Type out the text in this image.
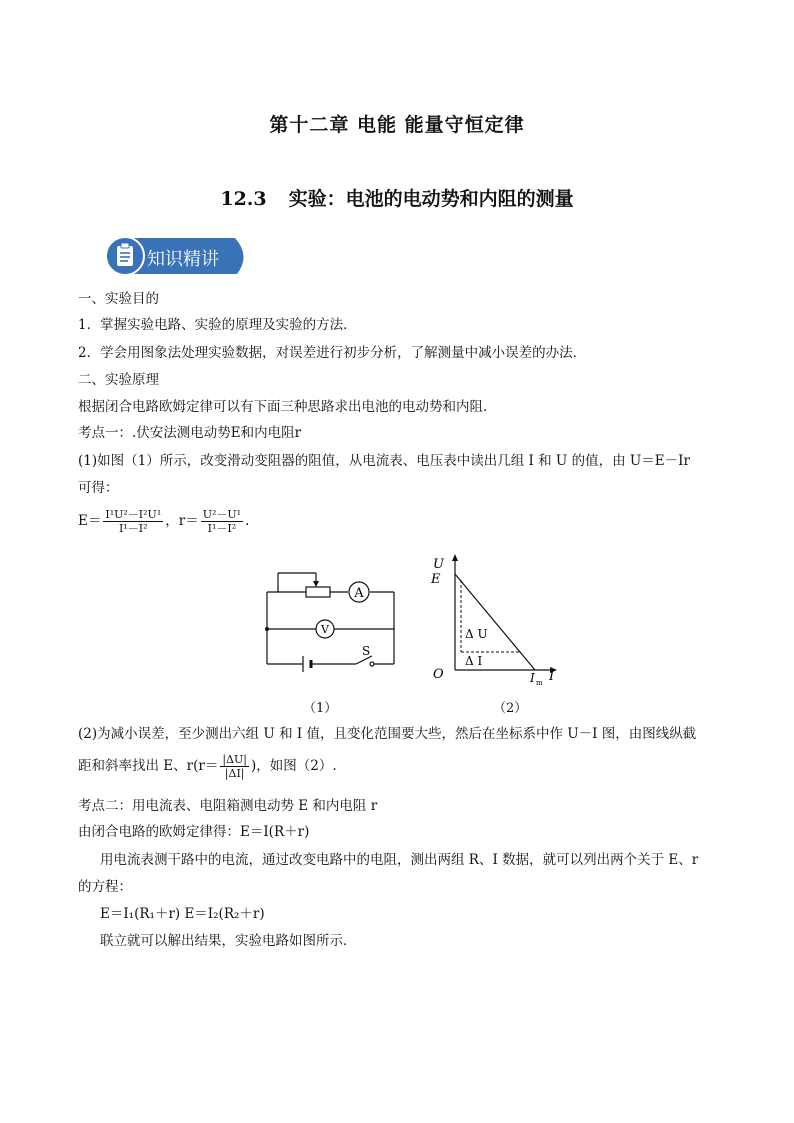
第十二章 电能 能量守恒定律
12.3 实验：电池的电动势和内阻的测量
知识精讲
一、实验目的
1．掌握实验电路、实验的原理及实验的方法．
2．学会用图象法处理实验数据，对误差进行初步分析，了解测量中减小误差的办法．
二、实验原理
根据闭合电路欧姆定律可以有下面三种思路求出电池的电动势和内阻．
考点一：.伏安法测电动势E和内电阻r
(1)如图（1）所示，改变滑动变阻器的阻值，从电流表、电压表中读出几组 I 和 U 的值，由 U＝E－Ir
可得：
$E= \frac{\text{I¹U²－I²U¹}}{\text{I¹－I²}}$ ，$r= \frac{\text{U²－U¹}}{\text{I¹－I²}}$ .
A
V
S
（1）
U
E
O	I
I m
Δ U
Δ I
（2）
(2)为减小误差，至少测出六组 U 和 I 值，且变化范围要大些，然后在坐标系中作 U－I 图，由图线纵截
距和斜率找出 E、$r(r= \frac{|\Delta U|}{|\Delta I|}$ )，如图（2）.
考点二：用电流表、电阻箱测电动势 E 和内电阻 r
由闭合电路的欧姆定律得：E＝I(R＋r)
用电流表测干路中的电流，通过改变电路中的电阻，测出两组 R、I 数据，就可以列出两个关于 E、r
的方程：
E＝I₁(R₁＋r) E＝I₂(R₂＋r)
联立就可以解出结果，实验电路如图所示．
